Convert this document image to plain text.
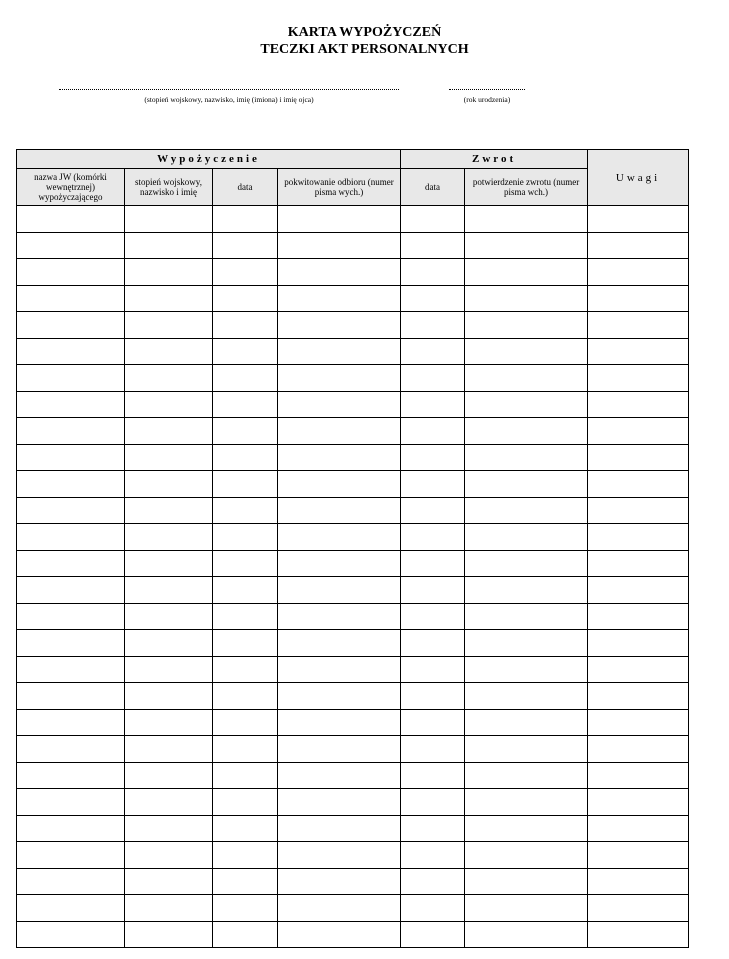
KARTA WYPOŻYCZEŃ
TECZKI AKT PERSONALNYCH
(stopień wojskowy, nazwisko, imię (imiona) i imię ojca)	(rok urodzenia)
Wypożyczenie				Zwrot		Uwagi
nazwa JW (komórki wewnętrznej) wypożyczającego	stopień wojskowy, nazwisko i imię	data	pokwitowanie odbioru (numer pisma wych.)	data	potwierdzenie zwrotu (numer pisma wch.)	
